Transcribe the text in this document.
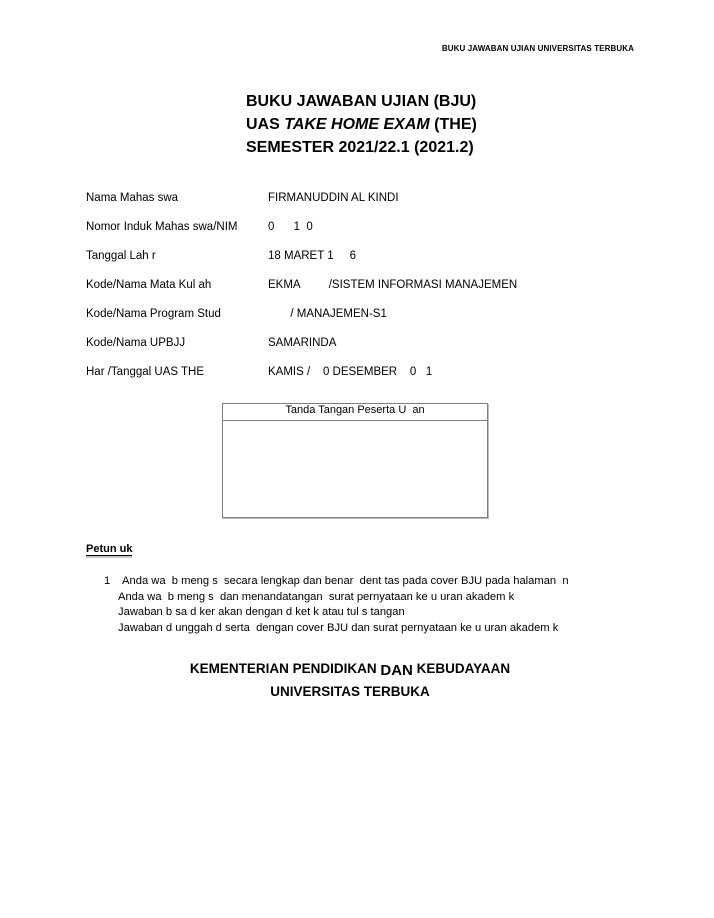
BUKU JAWABAN UJIAN UNIVERSITAS TERBUKA
BUKU JAWABAN UJIAN (BJU)
UAS TAKE HOME EXAM (THE)
SEMESTER 2021/22.1 (2021.2)
Nama Mahas swa	FIRMANUDDIN AL KINDI
Nomor Induk Mahas swa/NIM	0      1  0
Tanggal Lah r	18 MARET 1     6
Kode/Nama Mata Kul ah	EKMA         /SISTEM INFORMASI MANAJEMEN
Kode/Nama Program Stud	/ MANAJEMEN-S1
Kode/Nama UPBJJ	SAMARINDA
Har /Tanggal UAS THE	KAMIS /    0 DESEMBER    0   1
Tanda Tangan Peserta U  an
Petun uk
1    Anda wa  b meng s  secara lengkap dan benar  dent tas pada cover BJU pada halaman  n
Anda wa  b meng s  dan menandatangan  surat pernyataan ke u uran akadem k
Jawaban b sa d ker akan dengan d ket k atau tul s tangan
Jawaban d unggah d serta  dengan cover BJU dan surat pernyataan ke u uran akadem k
KEMENTERIAN PENDIDIKAN DAN KEBUDAYAAN
UNIVERSITAS TERBUKA
